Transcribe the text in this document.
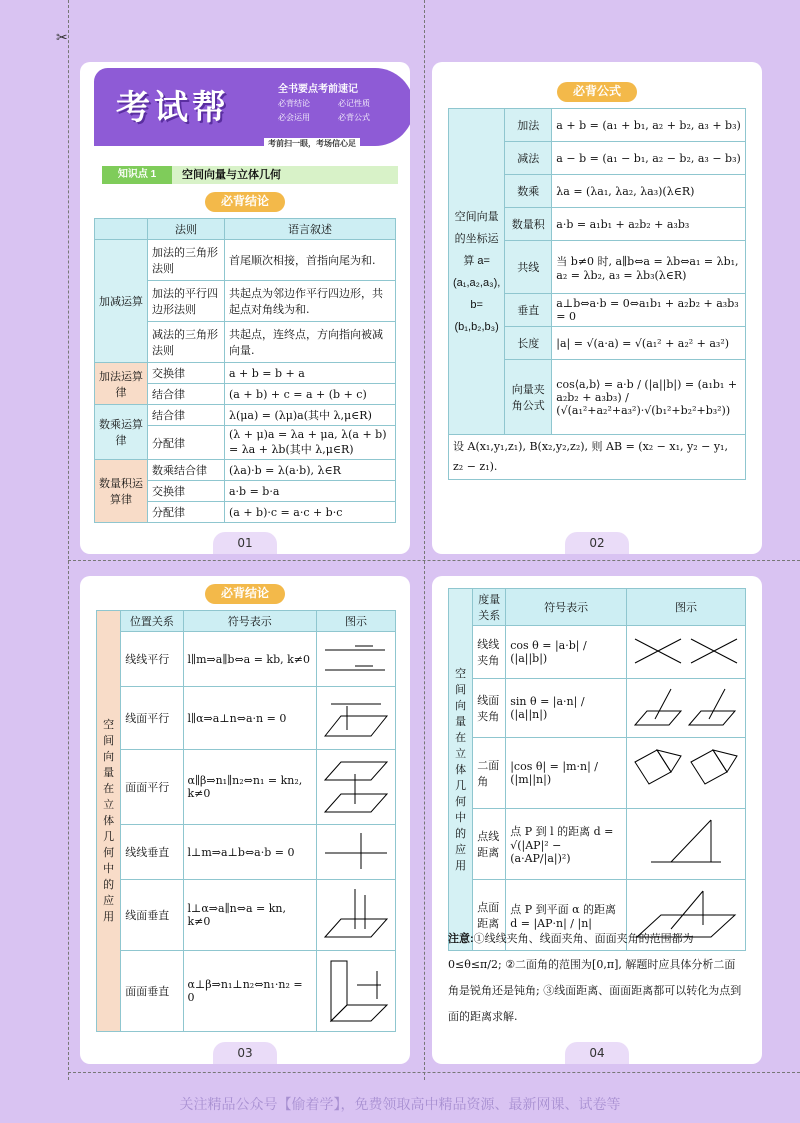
✂
考试帮	全书要点考前速记
必背结论	必记性质
必会运用	必背公式
考前扫一眼，考场信心足
知识点 1	空间向量与立体几何
必背结论
	法则	语言叙述
加减运算	加法的三角形法则	首尾顺次相接，首指向尾为和.
	加法的平行四边形法则	共起点为邻边作平行四边形，共起点对角线为和.
	减法的三角形法则	共起点，连终点，方向指向被减向量.
加法运算律	交换律	a + b = b + a
	结合律	(a + b) + c = a + (b + c)
数乘运算律	结合律	λ(μa) = (λμ)a(其中 λ,μ∈R)
	分配律	(λ + μ)a = λa + μa, λ(a + b) = λa + λb(其中 λ,μ∈R)
数量积运算律	数乘结合律	(λa)·b = λ(a·b), λ∈R
	交换律	a·b = b·a
	分配律	(a + b)·c = a·c + b·c
01
必背公式
空间向量的坐标运算 a=(a₁,a₂,a₃), b=(b₁,b₂,b₃)	加法	a + b = (a₁ + b₁, a₂ + b₂, a₃ + b₃)
	减法	a − b = (a₁ − b₁, a₂ − b₂, a₃ − b₃)
	数乘	λa = (λa₁, λa₂, λa₃)(λ∈R)
	数量积	a·b = a₁b₁ + a₂b₂ + a₃b₃
	共线	当 b≠0 时, a∥b⇔a = λb⇔a₁ = λb₁, a₂ = λb₂, a₃ = λb₃(λ∈R)
	垂直	a⊥b⇔a·b = 0⇔a₁b₁ + a₂b₂ + a₃b₃ = 0
	长度	|a| = √(a·a) = √(a₁² + a₂² + a₃²)
	向量夹角公式	cos⟨a,b⟩ = a·b / (|a||b|) = (a₁b₁ + a₂b₂ + a₃b₃) / (√(a₁²+a₂²+a₃²)·√(b₁²+b₂²+b₃²))
设 A(x₁,y₁,z₁), B(x₂,y₂,z₂), 则 AB = (x₂ − x₁, y₂ − y₁, z₂ − z₁).		
02
必背结论
空间向量在立体几何中的应用	位置关系	符号表示	图示
	线线平行	l∥m⇒a∥b⇔a = kb, k≠0	
	线面平行	l∥α⇒a⊥n⇔a·n = 0	
	面面平行	α∥β⇒n₁∥n₂⇔n₁ = kn₂, k≠0	
	线线垂直	l⊥m⇒a⊥b⇔a·b = 0	
	线面垂直	l⊥α⇒a∥n⇔a = kn, k≠0	
	面面垂直	α⊥β⇒n₁⊥n₂⇔n₁·n₂ = 0	
03
空间向量在立体几何中的应用	度量关系	符号表示	图示
	线线夹角	cos θ = |a·b| / (|a||b|)	
	线面夹角	sin θ = |a·n| / (|a||n|)	
	二面角	|cos θ| = |m·n| / (|m||n|)	
	点线距离	点 P 到 l 的距离 d = √(|AP|² − (a·AP/|a|)²)	
	点面距离	点 P 到平面 α 的距离 d = |AP·n| / |n|	
注意:①线线夹角、线面夹角、面面夹角的范围都为 0≤θ≤π/2; ②二面角的范围为[0,π], 解题时应具体分析二面角是锐角还是钝角; ③线面距离、面面距离都可以转化为点到面的距离求解.
04
关注精品公众号【偷着学】，免费领取高中精品资源、最新网课、试卷等
